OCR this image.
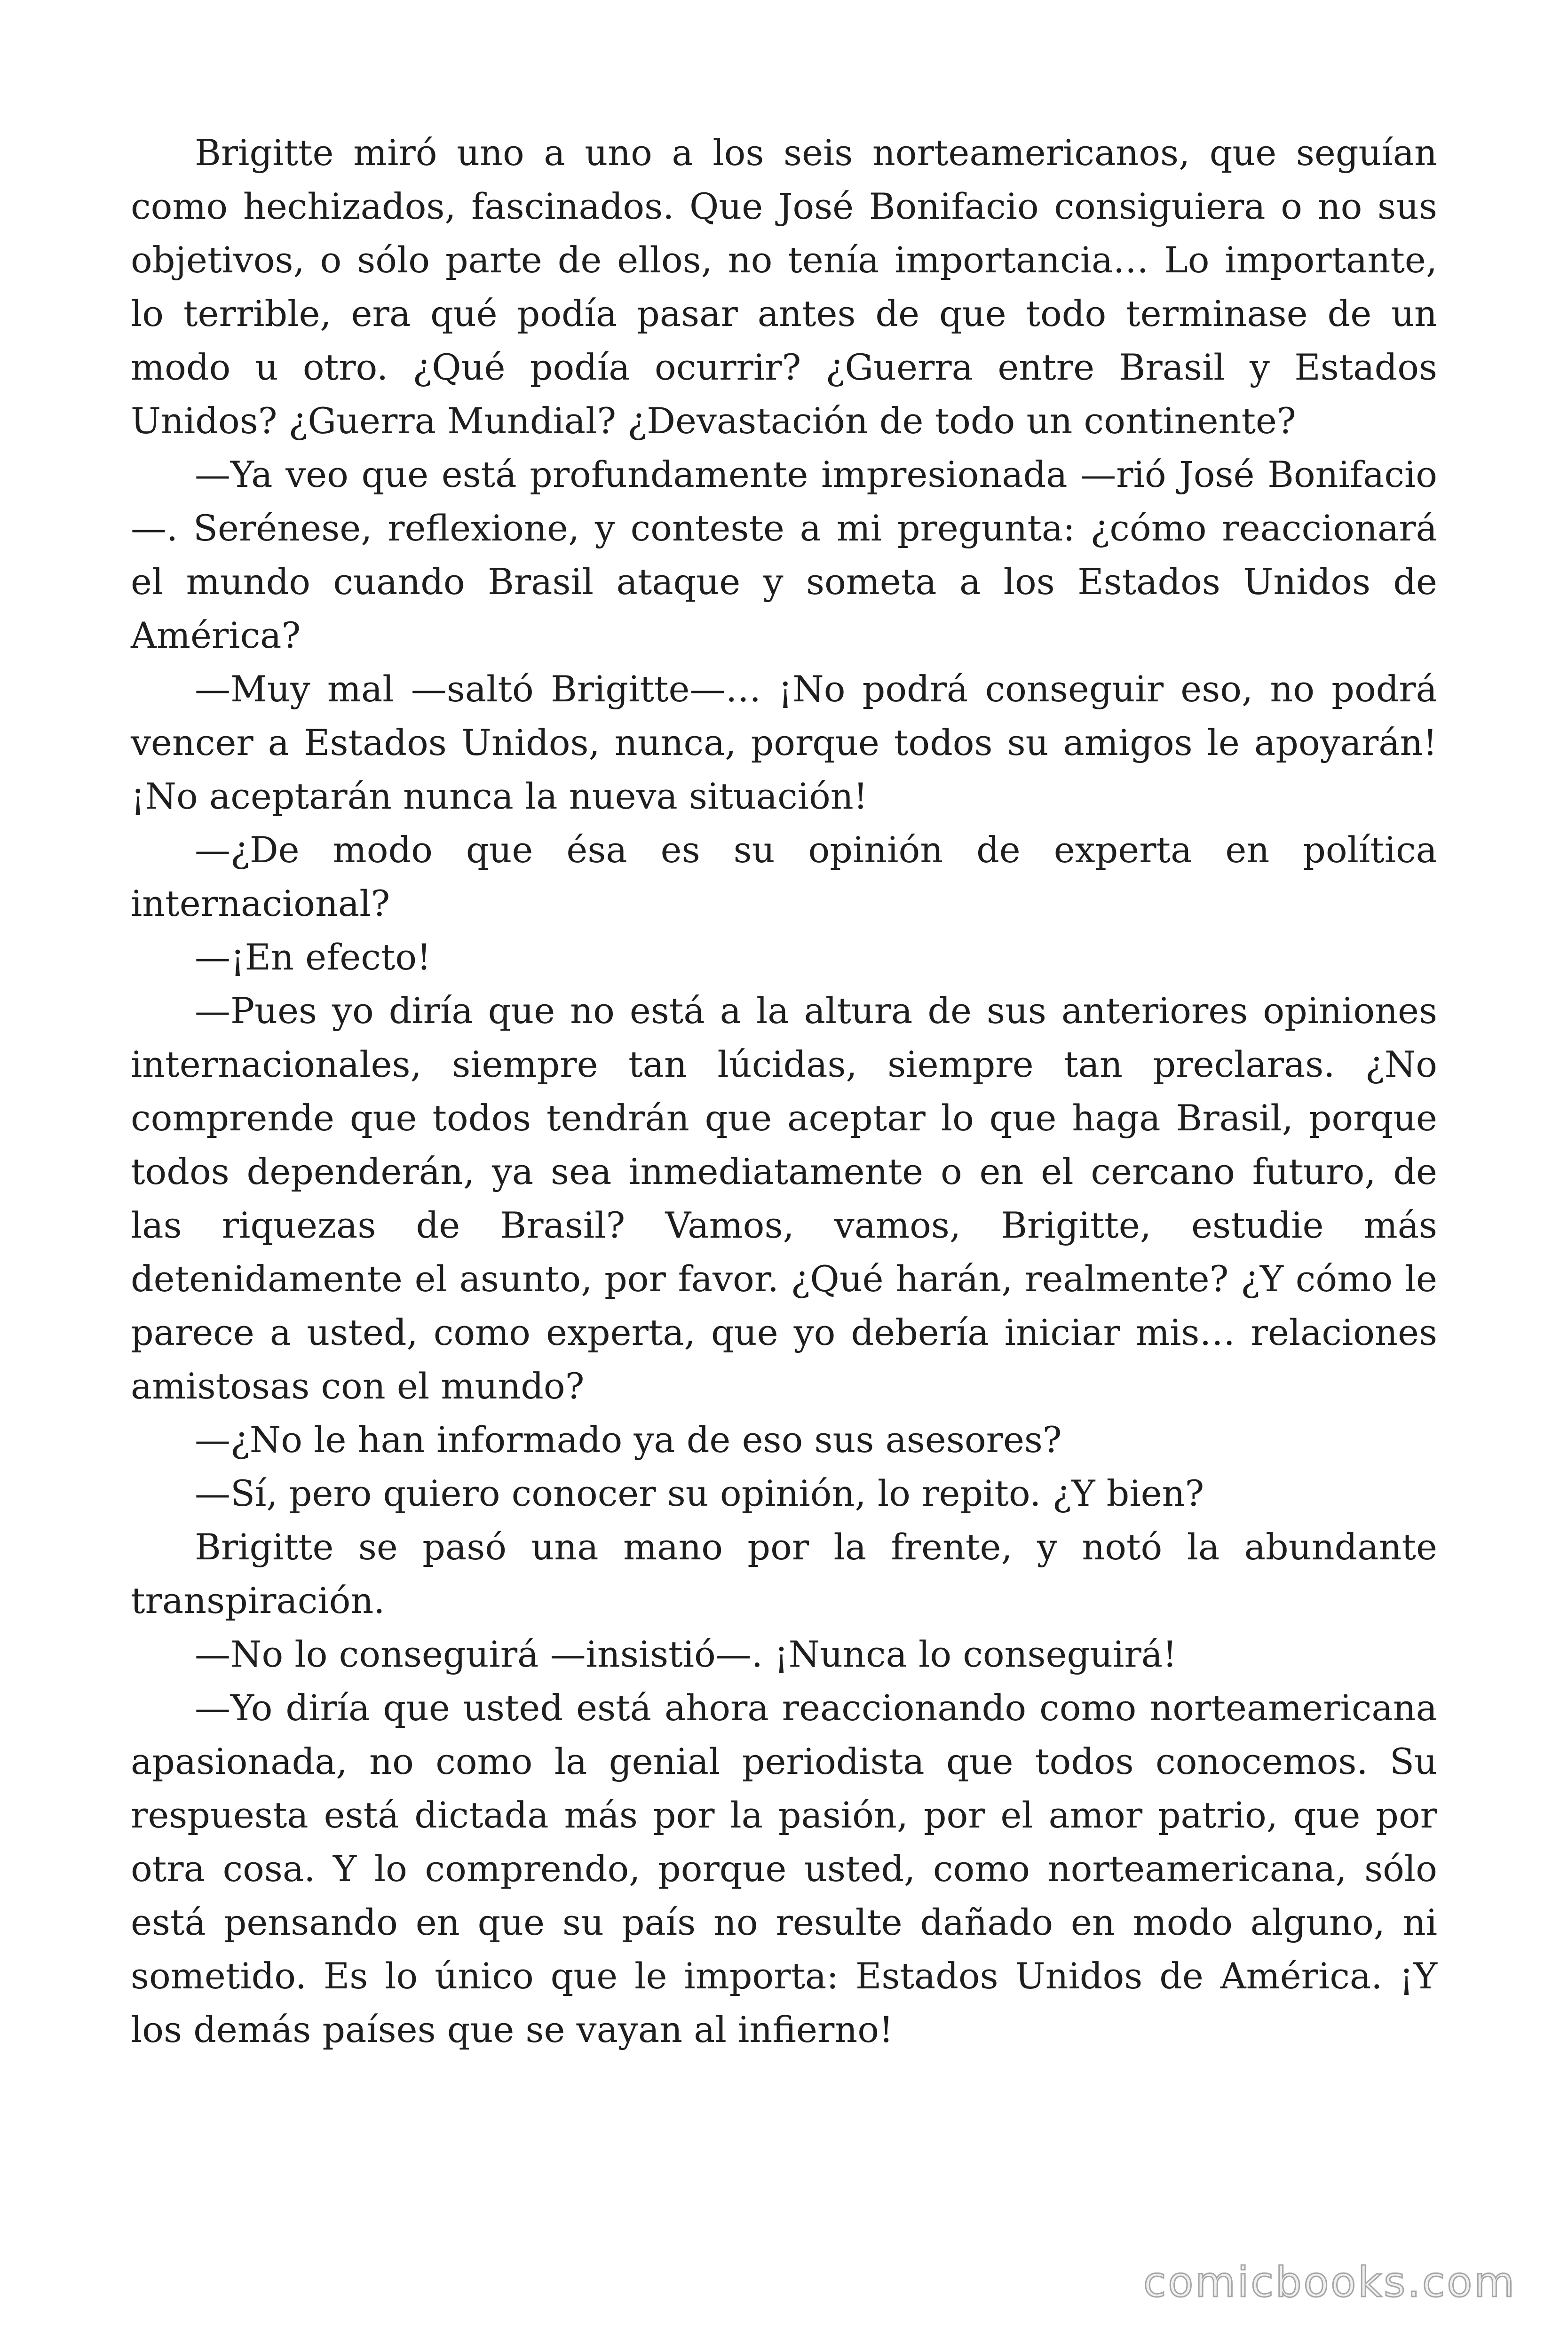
Brigitte miró uno a uno a los seis norteamericanos, que seguían como hechizados, fascinados. Que José Bonifacio consiguiera o no sus objetivos, o sólo parte de ellos, no tenía importancia… Lo importante, lo terrible, era qué podía pasar antes de que todo terminase de un modo u otro. ¿Qué podía ocurrir? ¿Guerra entre Brasil y Estados Unidos? ¿Guerra Mundial? ¿Devastación de todo un continente?

—Ya veo que está profundamente impresionada —rió José Bonifacio—. Serénese, reflexione, y conteste a mi pregunta: ¿cómo reaccionará el mundo cuando Brasil ataque y someta a los Estados Unidos de América?

—Muy mal —saltó Brigitte—… ¡No podrá conseguir eso, no podrá vencer a Estados Unidos, nunca, porque todos su amigos le apoyarán! ¡No aceptarán nunca la nueva situación!

—¿De modo que ésa es su opinión de experta en política internacional?

—¡En efecto!

—Pues yo diría que no está a la altura de sus anteriores opiniones internacionales, siempre tan lúcidas, siempre tan preclaras. ¿No comprende que todos tendrán que aceptar lo que haga Brasil, porque todos dependerán, ya sea inmediatamente o en el cercano futuro, de las riquezas de Brasil? Vamos, vamos, Brigitte, estudie más detenidamente el asunto, por favor. ¿Qué harán, realmente? ¿Y cómo le parece a usted, como experta, que yo debería iniciar mis… relaciones amistosas con el mundo?

—¿No le han informado ya de eso sus asesores?

—Sí, pero quiero conocer su opinión, lo repito. ¿Y bien?

Brigitte se pasó una mano por la frente, y notó la abundante transpiración.

—No lo conseguirá —insistió—. ¡Nunca lo conseguirá!

—Yo diría que usted está ahora reaccionando como norteamericana apasionada, no como la genial periodista que todos conocemos. Su respuesta está dictada más por la pasión, por el amor patrio, que por otra cosa. Y lo comprendo, porque usted, como norteamericana, sólo está pensando en que su país no resulte dañado en modo alguno, ni sometido. Es lo único que le importa: Estados Unidos de América. ¡Y los demás países que se vayan al infierno!

comicbooks.com
